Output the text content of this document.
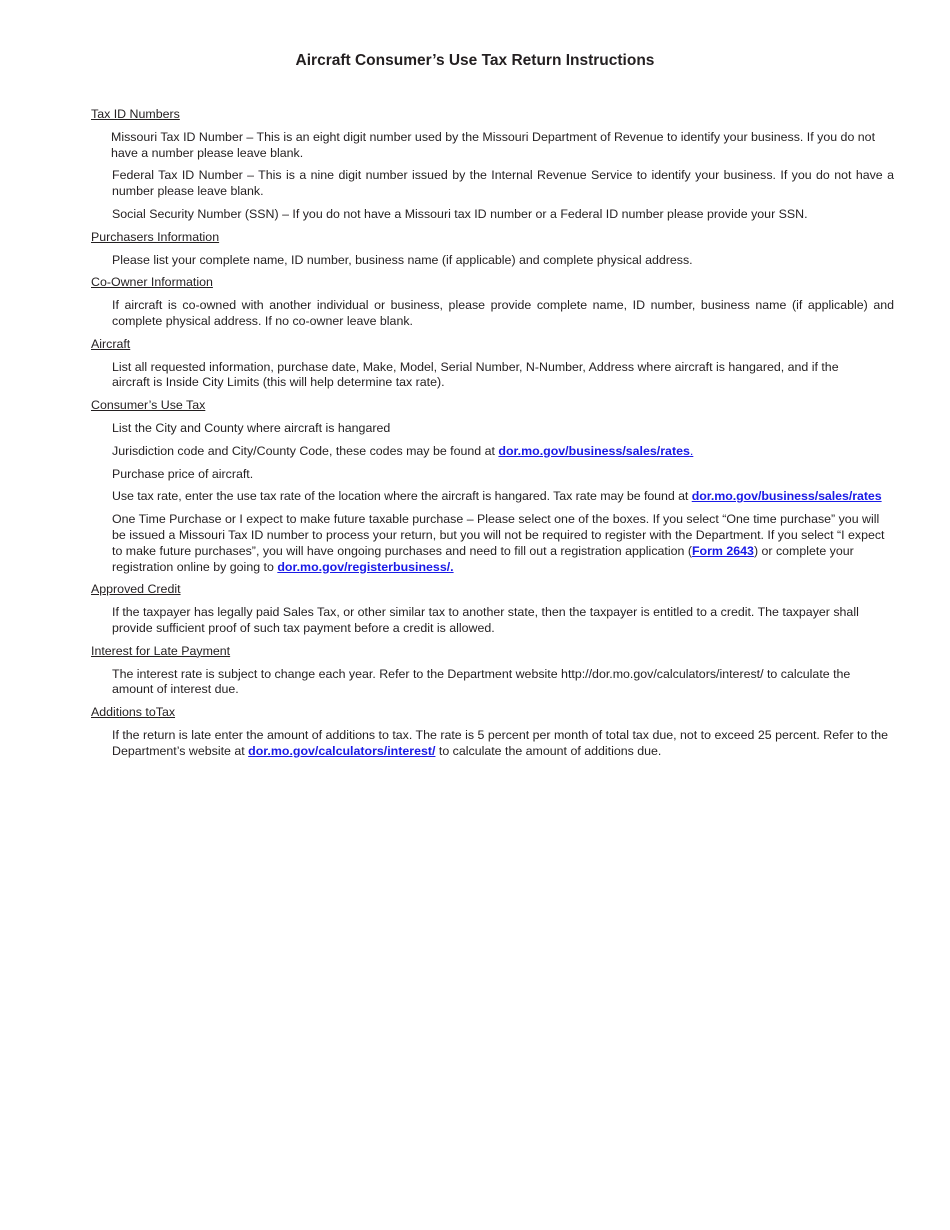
Aircraft Consumer’s Use Tax Return Instructions
Tax ID Numbers

Missouri Tax ID Number – This is an eight digit number used by the Missouri Department of Revenue to identify your business. If you do not have a number please leave blank.

Federal Tax ID Number – This is a nine digit number issued by the Internal Revenue Service to identify your business. If you do not have a number please leave blank.

Social Security Number (SSN) – If you do not have a Missouri tax ID number or a Federal ID number please provide your SSN.

Purchasers Information

Please list your complete name, ID number, business name (if applicable) and complete physical address.

Co-Owner Information

If aircraft is co-owned with another individual or business, please provide complete name, ID number, business name (if applicable) and complete physical address. If no co-owner leave blank.

Aircraft

List all requested information, purchase date, Make, Model, Serial Number, N-Number, Address where aircraft is hangared, and if the aircraft is Inside City Limits (this will help determine tax rate).

Consumer’s Use Tax

List the City and County where aircraft is hangared

Jurisdiction code and City/County Code, these codes may be found at dor.mo.gov/business/sales/rates.

Purchase price of aircraft.

Use tax rate, enter the use tax rate of the location where the aircraft is hangared. Tax rate may be found at dor.mo.gov/business/sales/rates

One Time Purchase or I expect to make future taxable purchase – Please select one of the boxes. If you select “One time purchase” you will be issued a Missouri Tax ID number to process your return, but you will not be required to register with the Department. If you select “I expect to make future purchases”, you will have ongoing purchases and need to fill out a registration application (Form 2643) or complete your registration online by going to dor.mo.gov/registerbusiness/.

Approved Credit

If the taxpayer has legally paid Sales Tax, or other similar tax to another state, then the taxpayer is entitled to a credit. The taxpayer shall provide sufficient proof of such tax payment before a credit is allowed.

Interest for Late Payment

The interest rate is subject to change each year. Refer to the Department website http://dor.mo.gov/calculators/interest/ to calculate the amount of interest due.

Additions toTax

If the return is late enter the amount of additions to tax. The rate is 5 percent per month of total tax due, not to exceed 25 percent. Refer to the Department’s website at dor.mo.gov/calculators/interest/ to calculate the amount of additions due.
